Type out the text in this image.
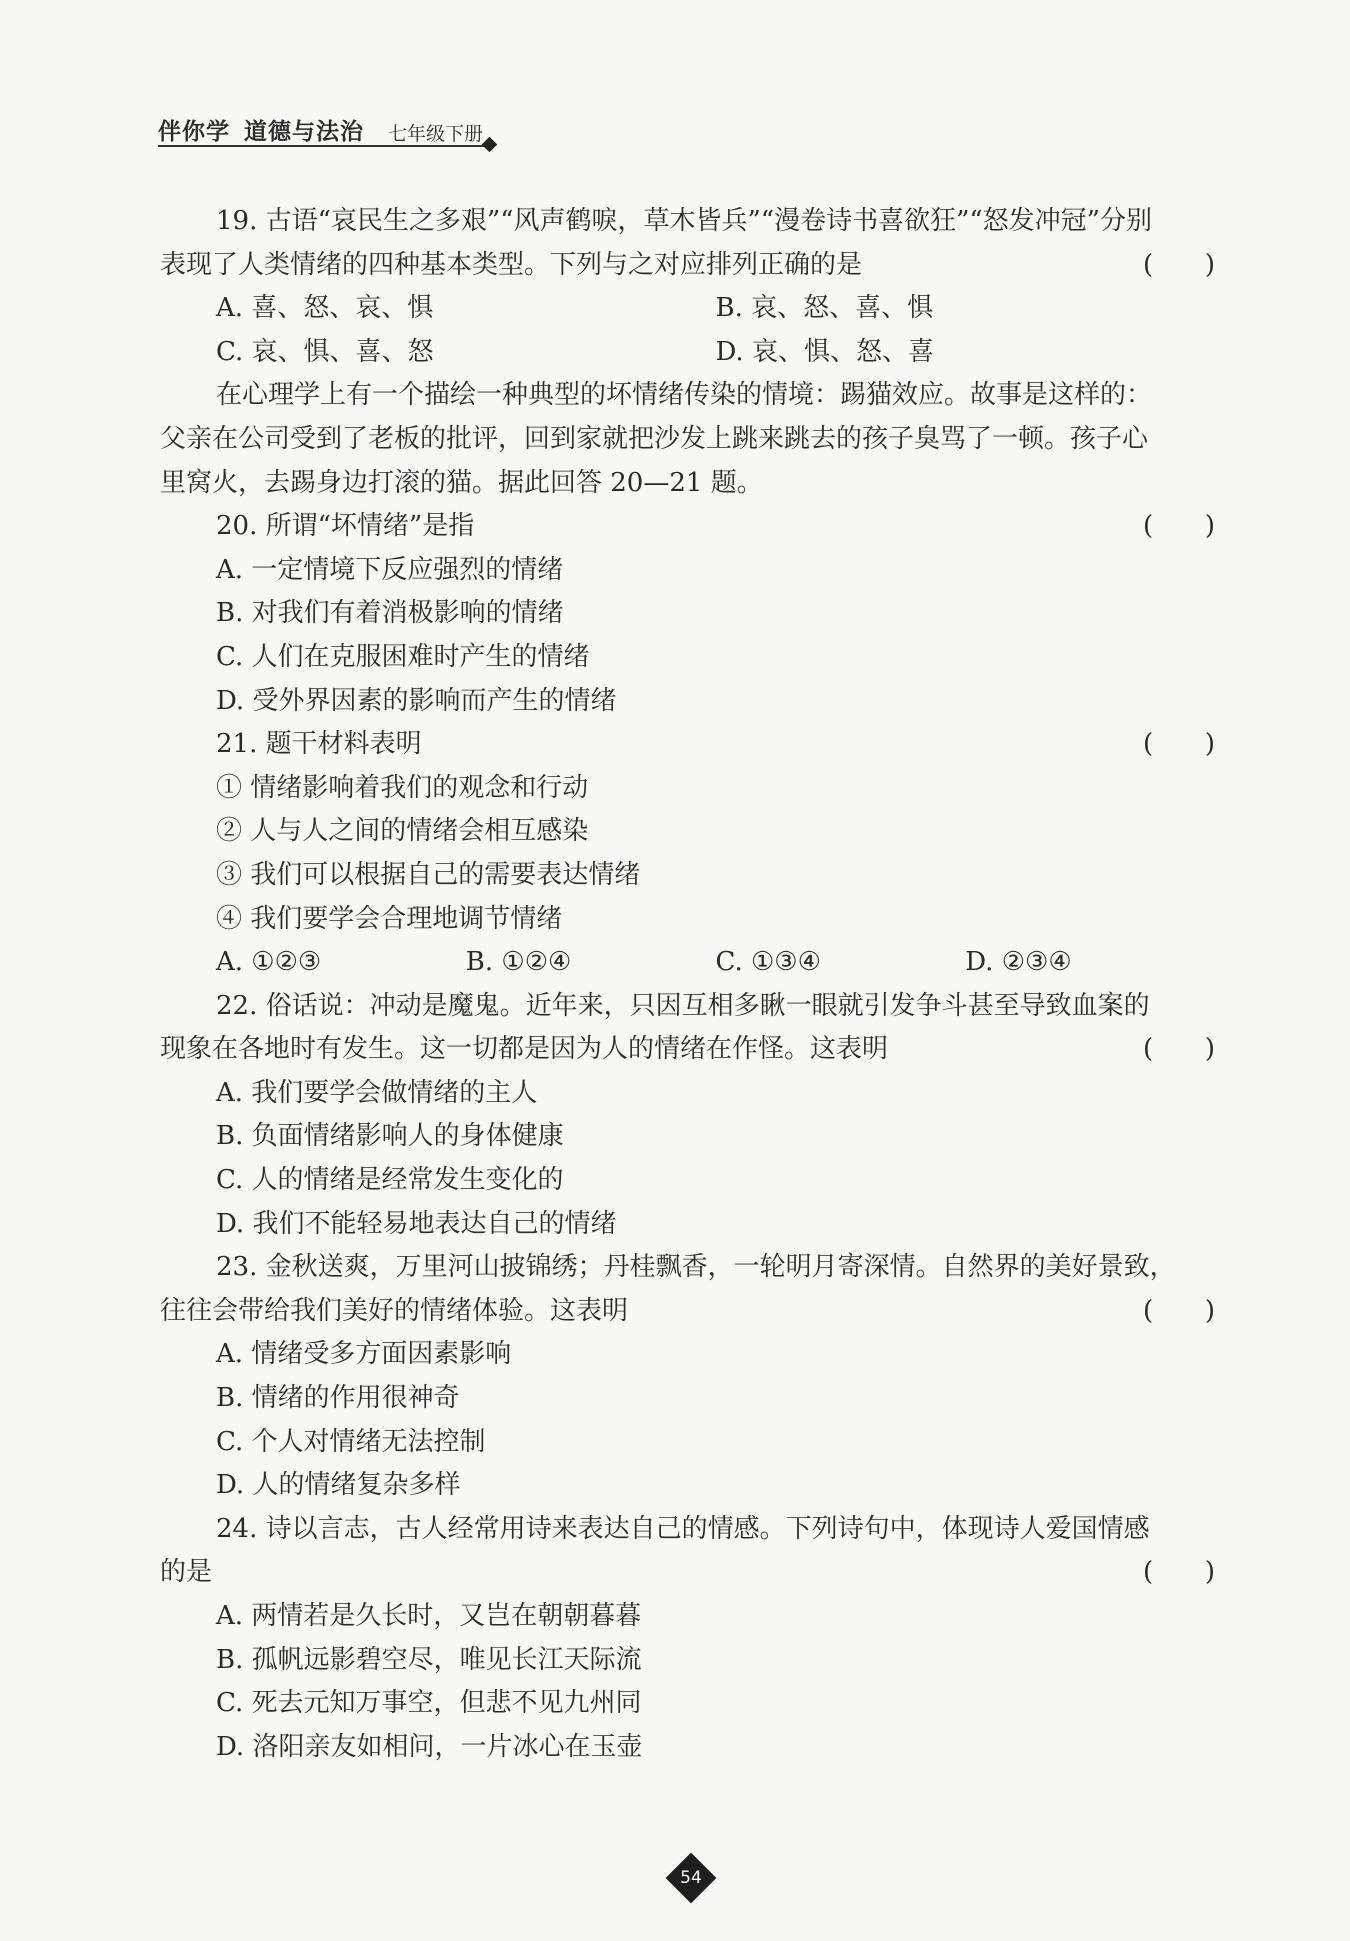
伴你学 道德与法治 七年级下册
19. 古语“哀民生之多艰”“风声鹤唳，草木皆兵”“漫卷诗书喜欲狂”“怒发冲冠”分别
表现了人类情绪的四种基本类型。下列与之对应排列正确的是	( )
A. 喜、怒、哀、惧	B. 哀、怒、喜、惧
C. 哀、惧、喜、怒	D. 哀、惧、怒、喜
在心理学上有一个描绘一种典型的坏情绪传染的情境：踢猫效应。故事是这样的：
父亲在公司受到了老板的批评，回到家就把沙发上跳来跳去的孩子臭骂了一顿。孩子心
里窝火，去踢身边打滚的猫。据此回答 20—21 题。
20. 所谓“坏情绪”是指	( )
A. 一定情境下反应强烈的情绪
B. 对我们有着消极影响的情绪
C. 人们在克服困难时产生的情绪
D. 受外界因素的影响而产生的情绪
21. 题干材料表明	( )
① 情绪影响着我们的观念和行动
② 人与人之间的情绪会相互感染
③ 我们可以根据自己的需要表达情绪
④ 我们要学会合理地调节情绪
A. ①②③	B. ①②④	C. ①③④	D. ②③④
22. 俗话说：冲动是魔鬼。近年来，只因互相多瞅一眼就引发争斗甚至导致血案的
现象在各地时有发生。这一切都是因为人的情绪在作怪。这表明	( )
A. 我们要学会做情绪的主人
B. 负面情绪影响人的身体健康
C. 人的情绪是经常发生变化的
D. 我们不能轻易地表达自己的情绪
23. 金秋送爽，万里河山披锦绣；丹桂飘香，一轮明月寄深情。自然界的美好景致，
往往会带给我们美好的情绪体验。这表明	( )
A. 情绪受多方面因素影响
B. 情绪的作用很神奇
C. 个人对情绪无法控制
D. 人的情绪复杂多样
24. 诗以言志，古人经常用诗来表达自己的情感。下列诗句中，体现诗人爱国情感
的是	( )
A. 两情若是久长时，又岂在朝朝暮暮
B. 孤帆远影碧空尽，唯见长江天际流
C. 死去元知万事空，但悲不见九州同
D. 洛阳亲友如相问，一片冰心在玉壶
54
